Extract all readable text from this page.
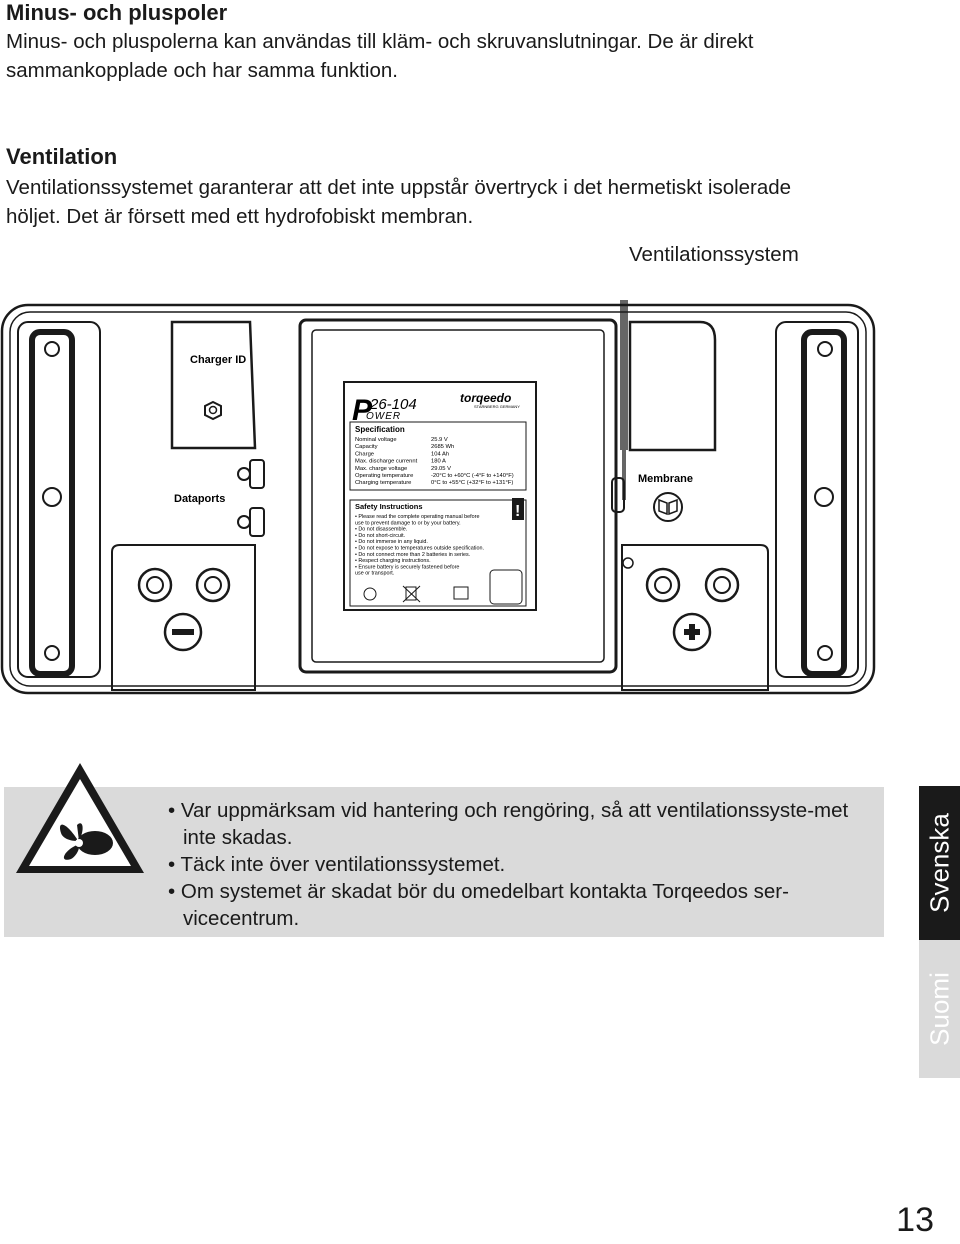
Minus- och pluspoler

Minus- och pluspolerna kan användas till kläm- och skruvanslutningar. De är direkt

sammankopplade och har samma funktion.

Ventilation

Ventilationssystemet garanterar att det inte uppstår övertryck i det hermetiskt isolerade

höljet. Det är försett med ett hydrofobiskt membran.

Ventilationssystem
Charger ID
Dataports
Membrane
P
26-104
OWER
torqeedo
STARNBERG GERMANY
Specification
Nominal voltage	25.9 V
Capacity	2685 Wh
Charge	104 Ah
Max. discharge currennt 180 A
Max. charge voltage	29.05 V
Operating temperature	-20°C to +60°C (-4°F to +140°F)
Charging temperature	0°C to +55°C (+32°F to +131°F)
Safety Instructions
• Please read the complete operating manual before
use to prevent damage to or by your battery.
• Do not disassemble.
• Do not short-circuit.
• Do not immerse in any liquid.
• Do not expose to temperatures outside specification.
• Do not connect more than 2 batteries in series.
• Respect charging instructions.
• Ensure battery is securely fastened before
use or transport.
!
• Var uppmärksam vid hantering och rengöring, så att ventilationssyste-met inte skadas.
• Täck inte över ventilationssystemet.
• Om systemet är skadat bör du omedelbart kontakta Torqeedos ser-vicecentrum.
Svenska
Suomi
13
